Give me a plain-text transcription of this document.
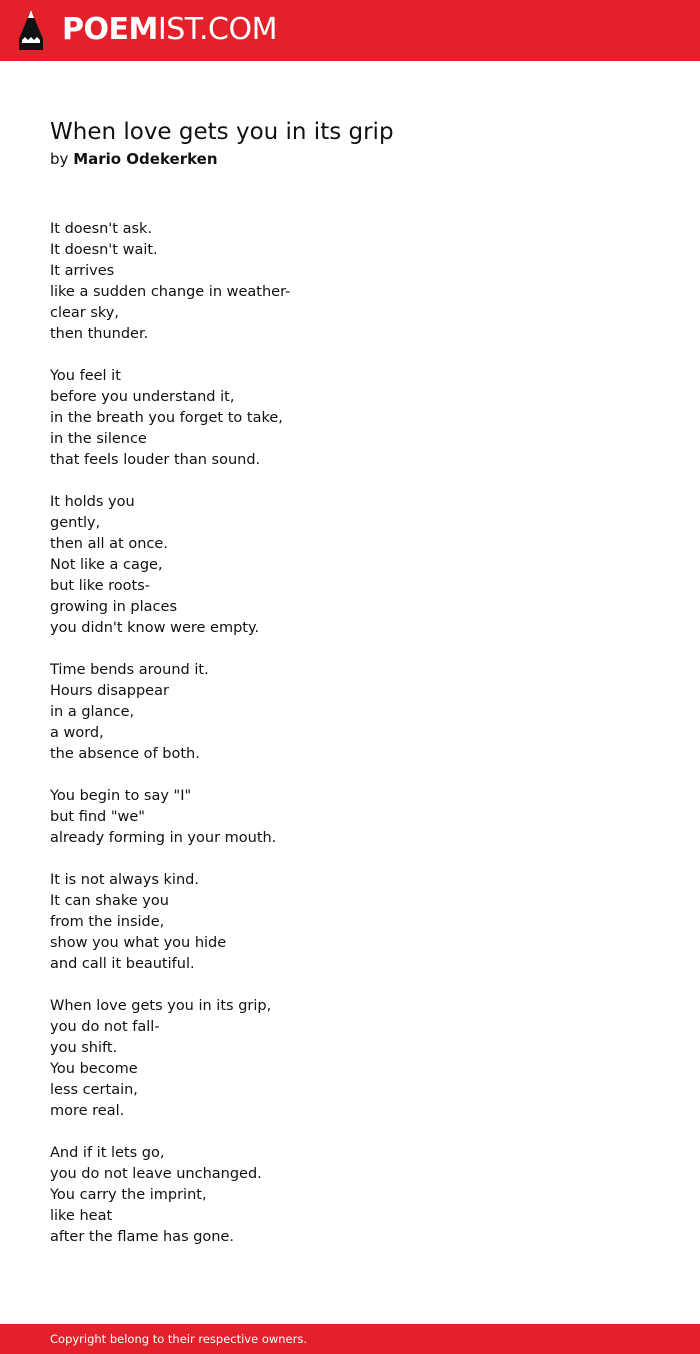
POEMIST.COM
When love gets you in its grip
by Mario Odekerken
It doesn't ask.
It doesn't wait.
It arrives
like a sudden change in weather-
clear sky,
then thunder.
You feel it
before you understand it,
in the breath you forget to take,
in the silence
that feels louder than sound.
It holds you
gently,
then all at once.
Not like a cage,
but like roots-
growing in places
you didn't know were empty.
Time bends around it.
Hours disappear
in a glance,
a word,
the absence of both.
You begin to say "I"
but find "we"
already forming in your mouth.
It is not always kind.
It can shake you
from the inside,
show you what you hide
and call it beautiful.
When love gets you in its grip,
you do not fall-
you shift.
You become
less certain,
more real.
And if it lets go,
you do not leave unchanged.
You carry the imprint,
like heat
after the flame has gone.
Copyright belong to their respective owners.
